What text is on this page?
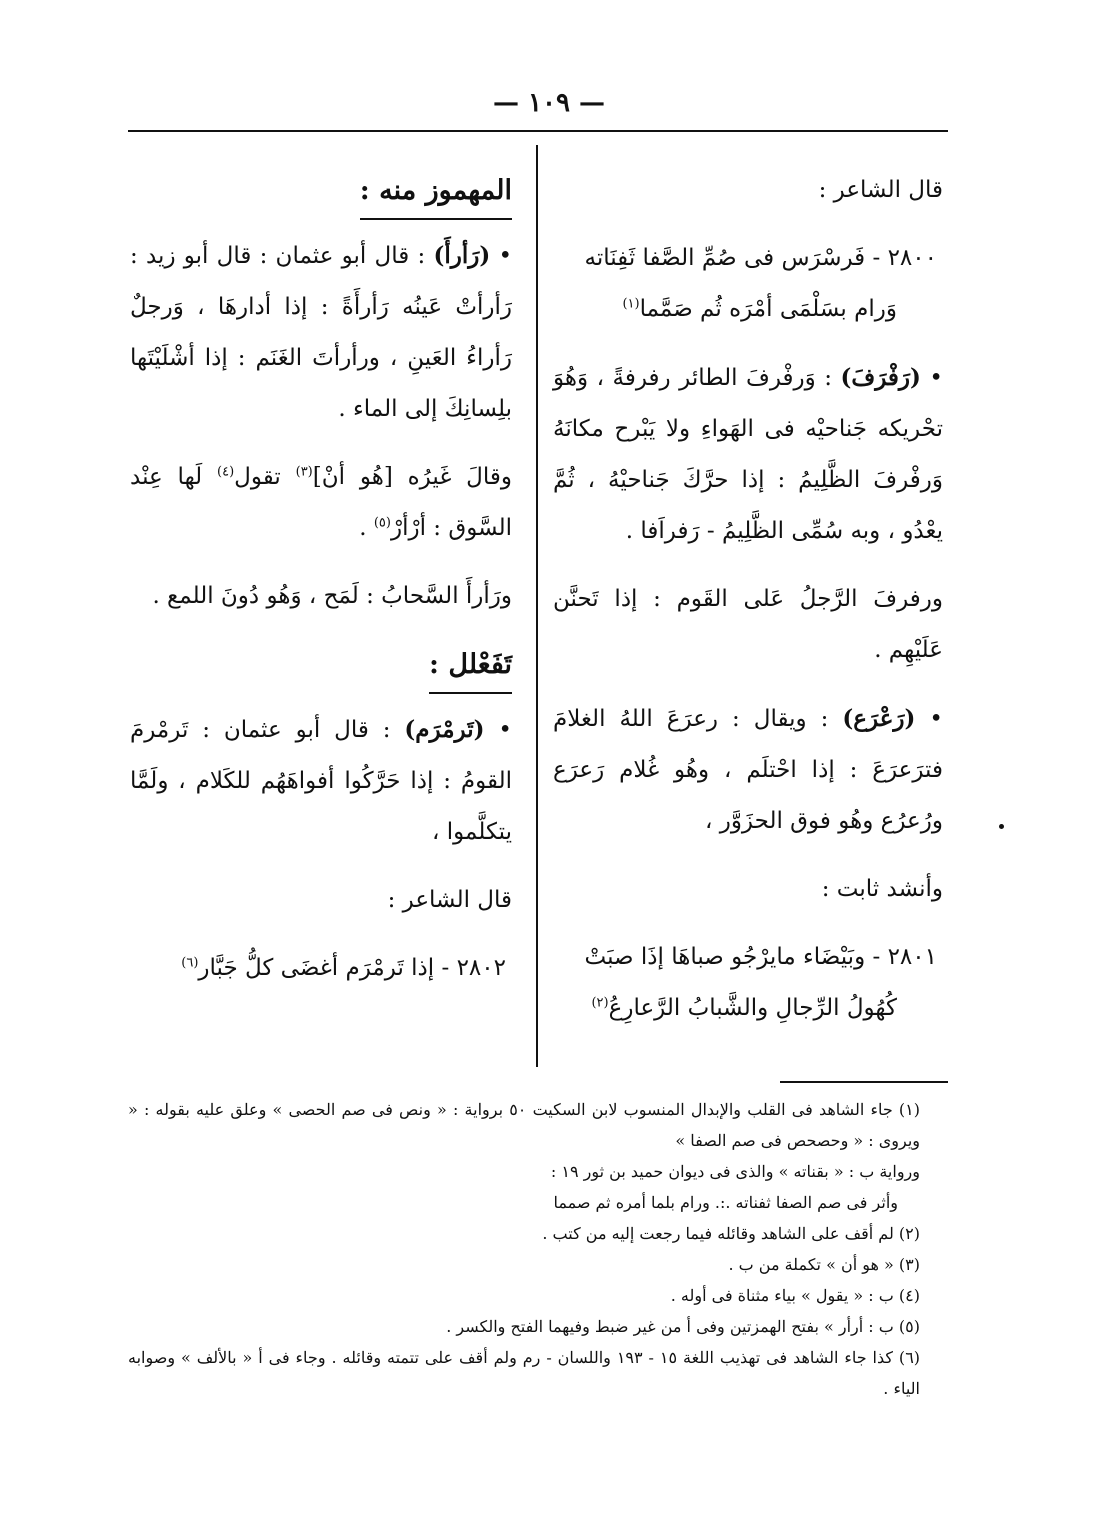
— ١٠٩ —

قال الشاعر :

٢٨٠٠ - فَرسْرَس فى صُمِّ الصَّفا ثَفِنَاته
وَرام بسَلْمَى أمْرَه ثُم صَمَّما$^{(١)}$

• (رَفْرَفَ) : وَرفْرفَ الطائر رفرفةً ، وَهُوَ تحْريكه جَناحيْه فى الهَواءِ ولا يَبْرح مكانَهُ وَرفْرفَ الظَّلِيمُ : إذا حرَّكَ جَناحيْهُ ، ثُمَّ يعْدُو ، وبه سُمِّى الظَّلِيمُ - رَفراَفا .

ورفرفَ الرَّجلُ عَلى القَوم : إذا تَحنَّن عَلَيْهِم .

• (رَعْرَع) : ويقال : رعرَعَ اللهُ الغلامَ فترَعرَعَ : إذا احْتلَم ، وهُو غُلام رَعرَع ورُعرُع وهُو فوق الحزَوَّر ،

وأنشد ثابت :

٢٨٠١ - وبَيْضَاء مايرْجُو صباهَا إذَا صبَتْ
كُهُولُ الرِّجالِ والشَّبابُ الرَّعارِعُ$^{(٢)}$

المهموز منه :

• (رَأرأَ) : قال أبو عثمان : قال أبو زيد : رَأرأتْ عَينُه رَأرأَةً : إذا أدارهَا ، وَرجلٌ رَأراءُ العَينِ ، ورأرأتَ الغَنَم : إذا أشْلَيْتَها بلِسانِكَ إلى الماء .

وقالَ غَيرُه [هُو أنْ]$^{(٣)}$ تقول$^{(٤)}$ لَها عِنْد السَّوق : أرْأرْ$^{(٥)}$ .

ورَأرأَ السَّحابُ : لَمَح ، وَهُو دُونَ اللمع .

تَفَعْلل :

• (تَرمْرَم) : قال أبو عثمان : تَرمْرمَ القومُ : إذا حَرَّكُوا أفواهَهُم للكَلام ، ولَمَّا يتكلَّموا ،

قال الشاعر :

٢٨٠٢ - إذا تَرمْرَم أغضَى كلُّ جَبَّار$^{(٦)}$

(١) جاء الشاهد فى القلب والإبدال المنسوب لابن السكيت ٥٠ برواية : « ونص فى صم الحصى » وعلق عليه بقوله : « ويروى : « وحصحص فى صم الصفا »

ورواية ب : « بقناته » والذى فى ديوان حميد بن ثور ١٩ :

وأثر فى صم الصفا ثفناته .:. ورام بلما أمره ثم صمما

(٢) لم أقف على الشاهد وقائله فيما رجعت إليه من كتب .

(٣) « هو أن » تكملة من ب .

(٤) ب : « يقول » بياء مثناة فى أوله .

(٥) ب : أرأر » بفتح الهمزتين وفى أ من غير ضبط وفيهما الفتح والكسر .

(٦) كذا جاء الشاهد فى تهذيب اللغة ١٥ - ١٩٣ واللسان - رم ولم أقف على تتمته وقائله . وجاء فى أ « بالألف » وصوابه الياء .
